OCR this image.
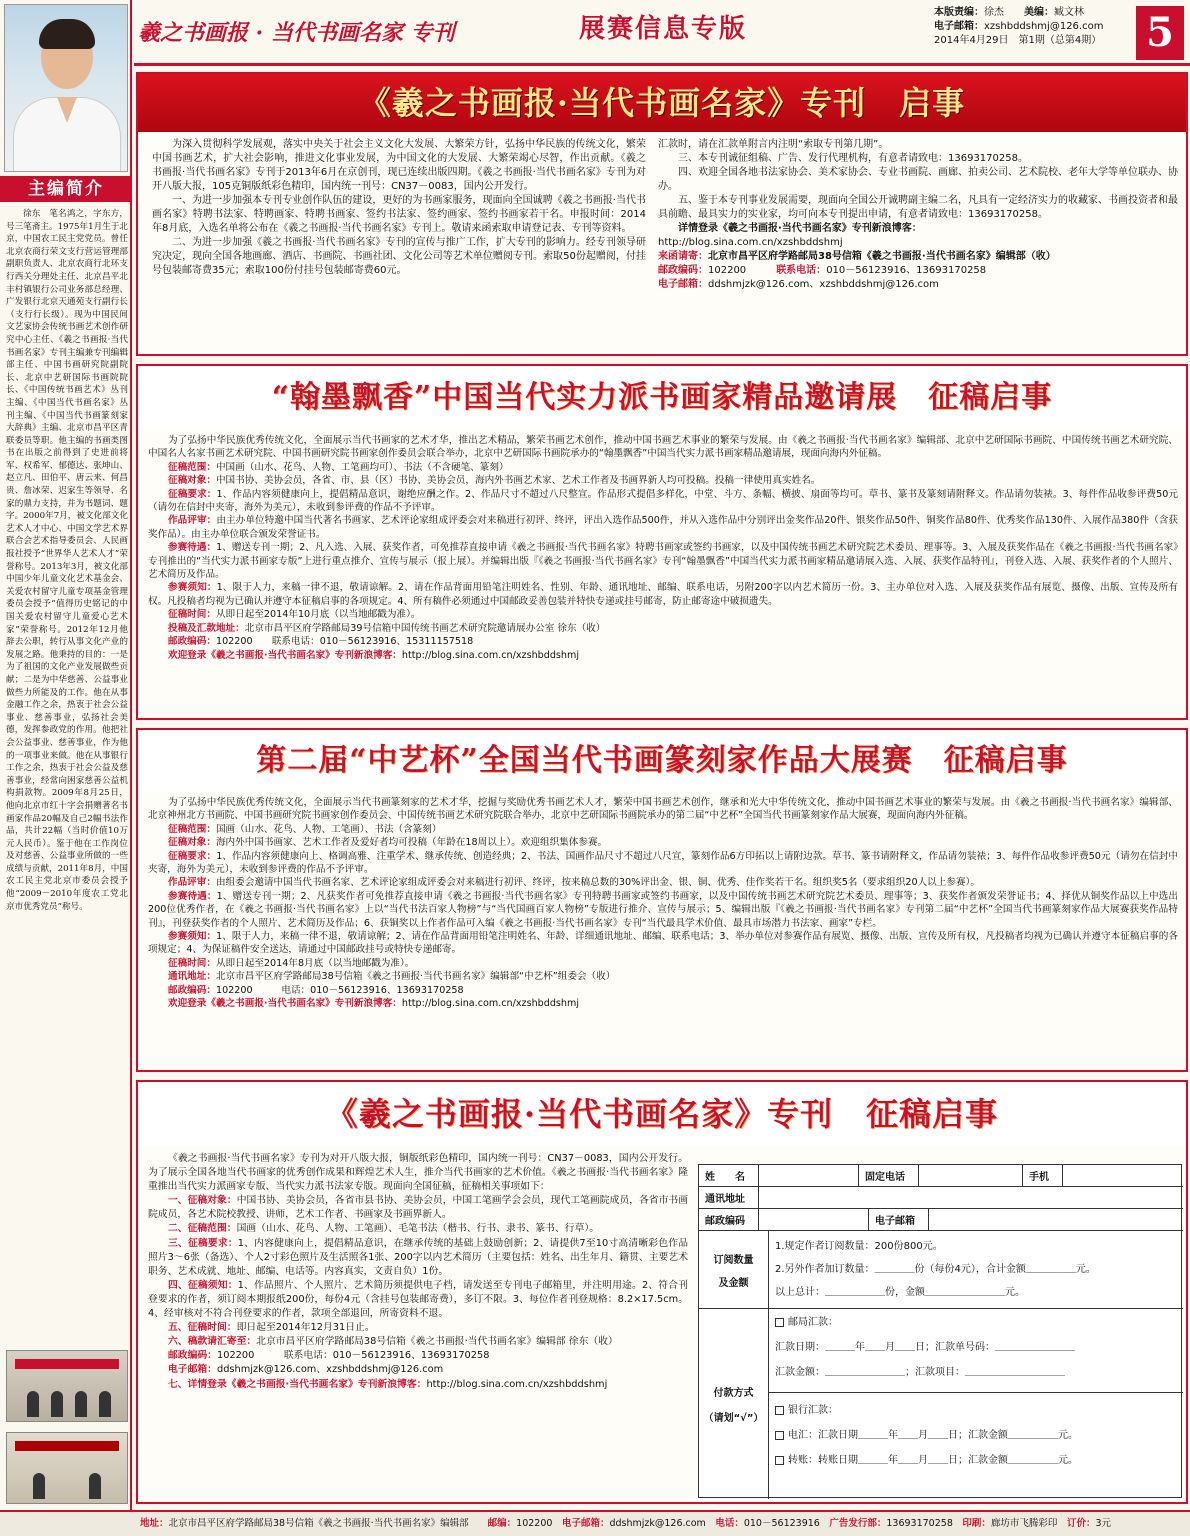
主编简介
徐东　笔名鸿之，字东方，号三笔斋主。1975年1月生于北京，中国农工民主党党员。曾任北京农商行荣文支行营运管理部副职负责人、北京农商行北环支行西关分理处主任、北京昌平北丰村镇银行公司业务部总经理、广发银行北京天通苑支行副行长（支行行长级）。现为中国民间文艺家协会传统书画艺术创作研究中心主任、《羲之书画报·当代书画名家》专刊主编兼专刊编辑部主任、中国书画研究院副院长、北京中艺研国际书画院院长、《中国传统书画艺术》丛刊主编、《中国当代书画名家》丛刊主编、《中国当代书画篆刻家大辞典》主编、北京市昌平区青联委员等职。他主编的书画类图书在出版之前得到了史进前将军、权希军、郁德达、张坤山、赵立凡、田伯平、唐云来、何昌贵、詹冰荣、迟家生等领导、名家的鼎力支持，并为书题词、题字。2000年7月，被文化部文化艺术人才中心、中国文学艺术界联合会艺术指导委员会、人民画报社授予“世界华人艺术人才”荣誉称号。2013年3月，被文化部中国少年儿童文化艺术基金会、关爱农村留守儿童专项基金管理委员会授予“值得历史铭记的中国关爱农村留守儿童爱心艺术家”荣誉称号。2012年12月他辞去公职，转行从事文化产业的发展之路。他秉持的目的：一是为了祖国的文化产业发展做些贡献；二是为中华慈善、公益事业做些力所能及的工作。他在从事金融工作之余，热衷于社会公益事业、慈善事业，弘扬社会美德，发挥参政党的作用。他把社会公益事业、慈善事业，作为他的一项事业来做。他在从事银行工作之余，热衷于社会公益及慈善事业，经常向困家慈善公益机构捐款物。2009年8月25日，他向北京市红十字会捐赠著名书画家作品20幅及自己2幅书法作品，共计22幅（当时价值10万元人民币）。鉴于他在工作岗位及对慈善、公益事业所做的一些成绩与贡献，2011年8月，中国农工民主党北京市委员会授予他“2009－2010年度农工党北京市优秀党员”称号。
羲之书画报 · 当代书画名家 专刊	展赛信息专版
本版责编：徐杰　　 美编：臧文林
电子邮箱：xzshbddshmj@126.com
2014年4月29日　第1期（总第4期）	5
《羲之书画报·当代书画名家》专刊　启事

为深入贯彻科学发展观，落实中央关于社会主义文化大发展、大繁荣方针，弘扬中华民族的传统文化，繁荣中国书画艺术，扩大社会影响，推进文化事业发展，为中国文化的大发展、大繁荣竭心尽智，作出贡献。《羲之书画报·当代书画名家》专刊于2013年6月在京创刊，现已连续出版四期。《羲之书画报·当代书画名家》专刊为对开八版大报，105克铜版纸彩色精印，国内统一刊号：CN37－0083，国内公开发行。

一、为进一步加强本专刊专业创作队伍的建设，更好的为书画家服务，现面向全国诚聘《羲之书画报·当代书画名家》特聘书法家、特聘画家、特聘书画家、签约书法家、签约画家、签约书画家若干名。申报时间：2014年8月底，入选名单将公布在《羲之书画报·当代书画名家》专刊上。敬请来函索取申请登记表、专刊等资料。

二、为进一步加强《羲之书画报·当代书画名家》专刊的宣传与推广工作，扩大专刊的影响力。经专刊领导研究决定，现向全国各地画廊、酒店、书画院、书画社团、文化公司等艺术单位赠阅专刊。索取50份起赠阅，付挂号包装邮寄费35元；索取100份付挂号包装邮寄费60元。

汇款时，请在汇款单附言内注明“索取专刊第几期”。

三、本专刊诚征组稿、广告、发行代理机构，有意者请致电：13693170258。

四、欢迎全国各地书法家协会、美术家协会、专业书画院、画廊、拍卖公司、艺术院校、老年大学等单位联办、协办。

五、鉴于本专刊事业发展需要，现面向全国公开诚聘副主编二名，凡具有一定经济实力的收藏家、书画投资者和最具前瞻、最具实力的实业家，均可向本专刊提出申请，有意者请致电：13693170258。

详情登录《羲之书画报·当代书画名家》专刊新浪博客：

http://blog.sina.com.cn/xzshbddshmj

来函请寄：北京市昌平区府学路邮局38号信箱《羲之书画报·当代书画名家》编辑部（收）

邮政编码：102200　　　	联系电话：010－56123916、13693170258

电子邮箱：ddshmjzk@126.com、xzshbddshmj@126.com

“翰墨飘香”中国当代实力派书画家精品邀请展　征稿启事

为了弘扬中华民族优秀传统文化，全面展示当代书画家的艺术才华，推出艺术精品，繁荣书画艺术创作，推动中国书画艺术事业的繁荣与发展。由《羲之书画报·当代书画名家》编辑部、北京中艺研国际书画院、中国传统书画艺术研究院、中国名人名家书画艺术研究院、中国书画研究院书画家创作委员会联合举办，北京中艺研国际书画院承办的“翰墨飘香”中国当代实力派书画家精品邀请展，现面向海内外征稿。

征稿范围：中国画（山水、花鸟、人物、工笔画均可）、书法（不含硬笔、篆刻）

征稿对象：中国书协、美协会员，各省、市、县（区）书协、美协会员，海内外书画艺术家、艺术工作者及书画界新人均可投稿。投稿一律使用真实姓名。

征稿要求：1、作品内容须健康向上，提倡精品意识，谢绝应酬之作。2、作品尺寸不超过八尺整宣。作品形式提倡多样化，中堂、斗方、条幅、横披、扇面等均可。草书、篆书及篆刻请附释文。作品请勿装裱。3、每件作品收参评费50元（请勿在信封中夹寄，海外为美元），未收到参评费的作品不予评审。

作品评审：由主办单位特邀中国当代著名书画家、艺术评论家组成评委会对来稿进行初评、终评，评出入选作品500件，并从入选作品中分别评出金奖作品20件、银奖作品50件、铜奖作品80件、优秀奖作品130件、入展作品380件（含获奖作品）。由主办单位联合颁发荣誉证书。

参赛待遇：1、赠送专刊一期；2、凡入选、入展、获奖作者，可免推荐直接申请《羲之书画报·当代书画名家》特聘书画家或签约书画家，以及中国传统书画艺术研究院艺术委员、理事等。3、入展及获奖作品在《羲之书画报·当代书画名家》专刊推出的“当代实力派书画家专版”上进行重点推介、宣传与展示（报上展）。并编辑出版『《羲之书画报·当代书画名家》专刊“翰墨飘香”中国当代实力派书画家精品邀请展入选、入展、获奖作品特刊』，刊登入选、入展、获奖作者的个人照片、艺术简历及作品。

参赛须知：1、限于人力，来稿一律不退，敬请谅解。2、请在作品背面用铅笔注明姓名、性别、年龄、通讯地址、邮编、联系电话，另附200字以内艺术简历一份。3、主办单位对入选、入展及获奖作品有展览、摄像、出版、宣传及所有权。凡投稿者均视为已确认并遵守本征稿启事的各项规定。4、所有稿件必须通过中国邮政妥善包装并特快专递或挂号邮寄，防止邮寄途中破损遗失。

征稿时间：从即日起至2014年10月底（以当地邮戳为准）。

投稿及汇款地址：北京市昌平区府学路邮局39号信箱中国传统书画艺术研究院邀请展办公室 徐东（收）

邮政编码：102200　　联系电话：010－56123916、15311157518

欢迎登录《羲之书画报·当代书画名家》专刊新浪博客：http://blog.sina.com.cn/xzshbddshmj

第二届“中艺杯”全国当代书画篆刻家作品大展赛　征稿启事

为了弘扬中华民族优秀传统文化，全面展示当代书画篆刻家的艺术才华，挖掘与奖励优秀书画艺术人才，繁荣中国书画艺术创作，继承和光大中华传统文化，推动中国书画艺术事业的繁荣与发展。由《羲之书画报·当代书画名家》编辑部、北京神州北方书画院、中国书画研究院书画家创作委员会、中国传统书画艺术研究院联合举办，北京中艺研国际书画院承办的第二届“中艺杯”全国当代书画篆刻家作品大展赛，现面向海内外征稿。

征稿范围：国画（山水、花鸟、人物、工笔画）、书法（含篆刻）

征稿对象：海内外中国书画家、艺术工作者及爱好者均可投稿（年龄在18周以上）。欢迎组织集体参赛。

征稿要求：1、作品内容须健康向上、格调高雅、注重学术、继承传统、创造经典；2、书法、国画作品尺寸不超过八尺宣，篆刻作品6方印拓以上请附边款。草书、篆书请附释文，作品请勿装裱；3、每件作品收参评费50元（请勿在信封中夹寄，海外为美元），未收到参评费的作品不予评审。

作品评审：由组委会邀请中国当代书画名家、艺术评论家组成评委会对来稿进行初评、终评，按来稿总数的30%评出金、银、铜、优秀、佳作奖若干名。组织奖5名（要求组织20人以上参赛）。

参赛待遇：1、赠送专刊一期；2、凡获奖作者可免推荐直接申请《羲之书画报·当代书画名家》专刊特聘书画家或签约书画家，以及中国传统书画艺术研究院艺术委员、理事等；3、获奖作者颁发荣誉证书；4、择优从铜奖作品以上中选出200位优秀作者，在《羲之书画报·当代书画名家》上以“当代书法百家人物榜”与“当代国画百家人物榜”专版进行推介、宣传与展示；5、编辑出版『《羲之书画报·当代书画名家》专刊第二届“中艺杯”全国当代书画篆刻家作品大展赛获奖作品特刊』，刊登获奖作者的个人照片、艺术简历及作品；6、获铜奖以上作者作品可入编《羲之书画报·当代书画名家》专刊“当代最具学术价值、最具市场潜力书法家、画家”专栏。

参赛须知：1、限于人力，来稿一律不退，敬请谅解；2、请在作品背面用铅笔注明姓名、年龄、详细通讯地址、邮编、联系电话；3、举办单位对参赛作品有展览、摄像、出版、宣传及所有权，凡投稿者均视为已确认并遵守本征稿启事的各项规定；4、为保证稿件安全送达，请通过中国邮政挂号或特快专递邮寄。

征稿时间：从即日起至2014年8月底（以当地邮戳为准）。

通讯地址：北京市昌平区府学路邮局38号信箱《羲之书画报·当代书画名家》编辑部“中艺杯”组委会（收）

邮政编码：102200　　　电话：010－56123916、13693170258

欢迎登录《羲之书画报·当代书画名家》专刊新浪博客：http://blog.sina.com.cn/xzshbddshmj

《羲之书画报·当代书画名家》专刊　征稿启事

《羲之书画报·当代书画名家》专刊为对开八版大报，铜版纸彩色精印，国内统一刊号：CN37－0083，国内公开发行。为了展示全国各地当代书画家的优秀创作成果和辉煌艺术人生，推介当代书画家的艺术价值。《羲之书画报·当代书画名家》隆重推出当代实力派画家专版、当代实力派书法家专版。现面向全国征稿，征稿相关事项如下：

一、征稿对象：中国书协、美协会员，各省市县书协、美协会员，中国工笔画学会会员，现代工笔画院成员，各省市书画院成员，各艺术院校教授、讲师，艺术工作者、书画家及书画界新人。

二、征稿范围：国画（山水、花鸟、人物、工笔画）、毛笔书法（楷书、行书、隶书、篆书、行草）。

三、征稿要求：1、内容健康向上，提倡精品意识，在继承传统的基础上鼓励创新；2、请提供7至10寸高清晰彩色作品照片3～6张（备选）、个人2寸彩色照片及生活照各1张、200字以内艺术简历（主要包括：姓名、出生年月、籍贯、主要艺术职务、艺术成就、地址、邮编、电话等。内容真实，文责自负）1份。

四、征稿须知：1、作品照片、个人照片、艺术简历须提供电子档，请发送至专刊电子邮箱里，并注明用途。2、符合刊登要求的作者，须订阅本期报纸200份，每份4元（含挂号包装邮寄费），多订不限。3、每位作者刊登规格：8.2×17.5cm。4、经审核对不符合刊登要求的作者，款项全部退回，所寄资料不退。

五、征稿时间：即日起至2014年12月31日止。

六、稿款请汇寄至：北京市昌平区府学路邮局38号信箱《羲之书画报·当代书画名家》编辑部 徐东（收）

邮政编码：102200　　　联系电话：010－56123916、13693170258

电子邮箱：ddshmjzk@126.com、xzshbddshmj@126.com

七、详情登录《羲之书画报·当代书画名家》专刊新浪博客：http://blog.sina.com.cn/xzshbddshmj

姓　　名	固定电话	手机
通讯地址
邮政编码	电子邮箱
订阅数量
及金额
1.规定作者订阅数量：200份800元。
2.另外作者加订数量：＿＿＿＿份（每份4元），合计金额＿＿＿＿＿元。
以上总计：＿＿＿＿＿＿份，金额＿＿＿＿＿＿＿＿元。
付款方式
（请划“√”）
邮局汇款：
汇款日期：＿＿＿年＿＿月＿＿日；汇款单号码：＿＿＿＿＿＿＿＿
汇款金额：＿＿＿＿＿＿＿＿；汇款项目：＿＿＿＿＿＿＿＿＿＿
银行汇款：
电汇：汇款日期＿＿＿年＿＿月＿＿日；汇款金额＿＿＿＿＿元。
转账：转账日期＿＿＿年＿＿月＿＿日；汇款金额＿＿＿＿＿元。
地址：北京市昌平区府学路邮局38号信箱《羲之书画报·当代书画名家》编辑部　　 邮编：102200　 电子邮箱：ddshmjzk@126.com　 电话：010－56123916　 广告发行部：13693170258　 印刷：廊坊市飞腾彩印　 订价：3元
